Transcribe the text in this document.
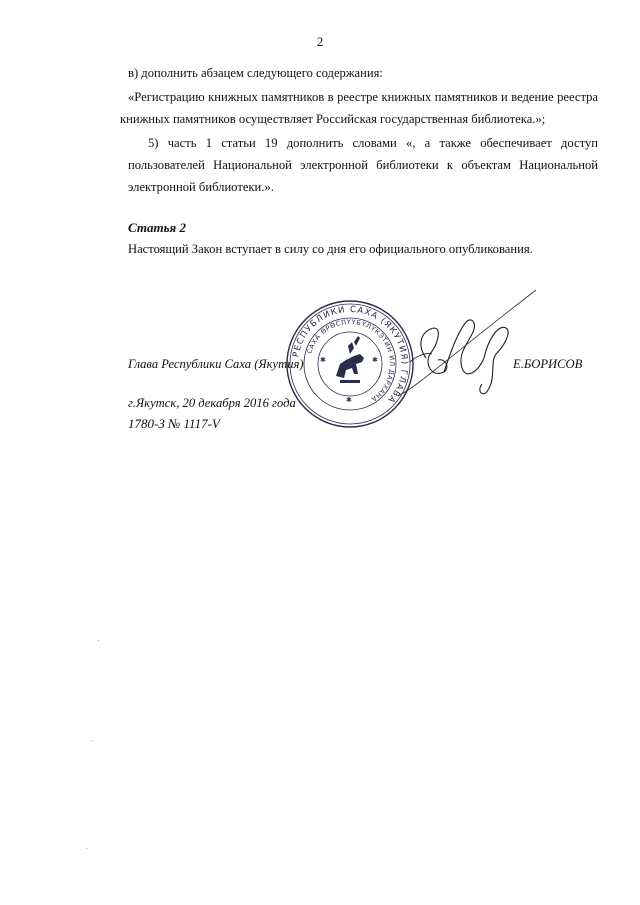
2
в) дополнить абзацем следующего содержания:
«Регистрацию книжных памятников в реестре книжных памятников и ведение реестра книжных памятников осуществляет Российская государственная библиотека.»;
5) часть 1 статьи 19 дополнить словами «, а также обеспечивает доступ пользователей Национальной электронной библиотеки к объектам Национальной электронной библиотеки.».
Статья 2
Настоящий Закон вступает в силу со дня его официального опубликования.
РЕСПУБЛИКИ САХА (ЯКУТИЯ) ГЛАВА
САХА ӨРӨСПҮҮБҮЛҮКЭТИН ИЛ ДАРХАНА
✱	✱
✱
Глава Республики Саха (Якутия)	Е.БОРИСОВ
г.Якутск, 20 декабря 2016 года
1780-З № 1117-V
